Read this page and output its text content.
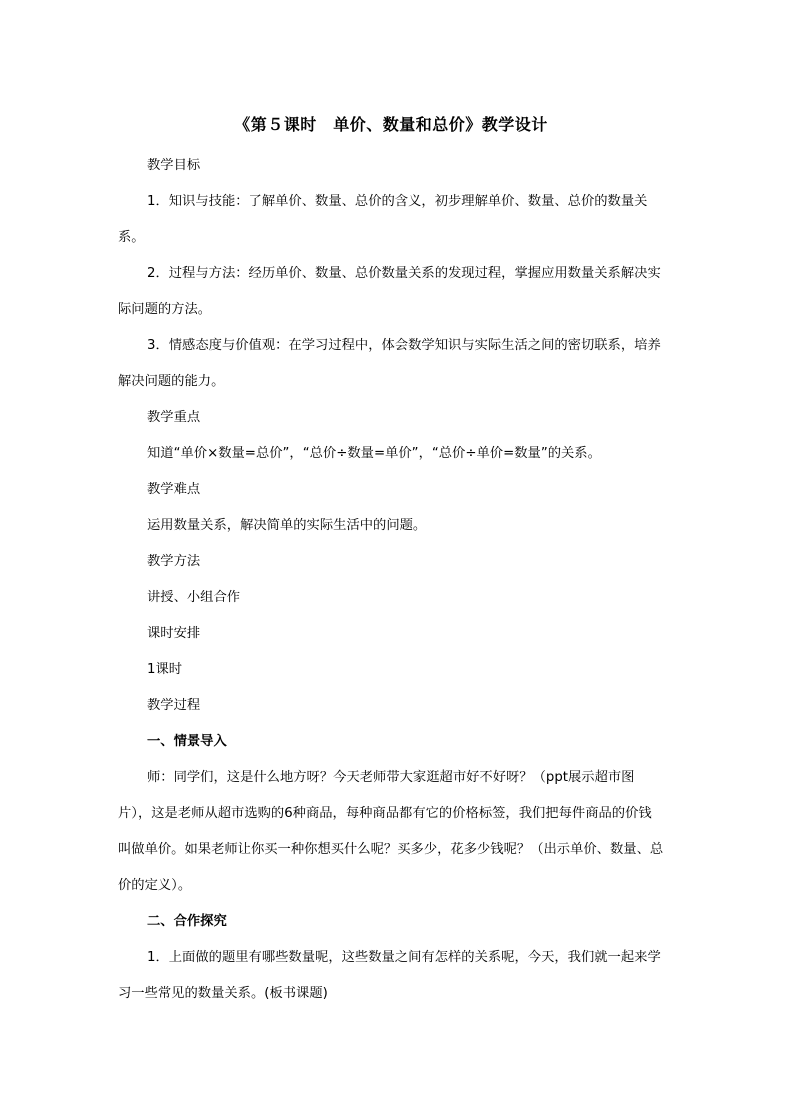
《第５课时　单价、数量和总价》教学设计

教学目标

1．知识与技能：了解单价、数量、总价的含义，初步理解单价、数量、总价的数量关系。

2．过程与方法：经历单价、数量、总价数量关系的发现过程，掌握应用数量关系解决实际问题的方法。

3．情感态度与价值观：在学习过程中，体会数学知识与实际生活之间的密切联系，培养解决问题的能力。

教学重点

知道“单价×数量=总价”，“总价÷数量=单价”，“总价÷单价=数量”的关系。

教学难点

运用数量关系，解决简单的实际生活中的问题。

教学方法

讲授、小组合作

课时安排

1课时

教学过程

一、情景导入

师：同学们，这是什么地方呀？今天老师带大家逛超市好不好呀？（ppt展示超市图片），这是老师从超市选购的6种商品，每种商品都有它的价格标签，我们把每件商品的价钱叫做单价。如果老师让你买一种你想买什么呢？买多少，花多少钱呢？（出示单价、数量、总价的定义）。

二、合作探究

1．上面做的题里有哪些数量呢，这些数量之间有怎样的关系呢，今天，我们就一起来学习一些常见的数量关系。(板书课题)
